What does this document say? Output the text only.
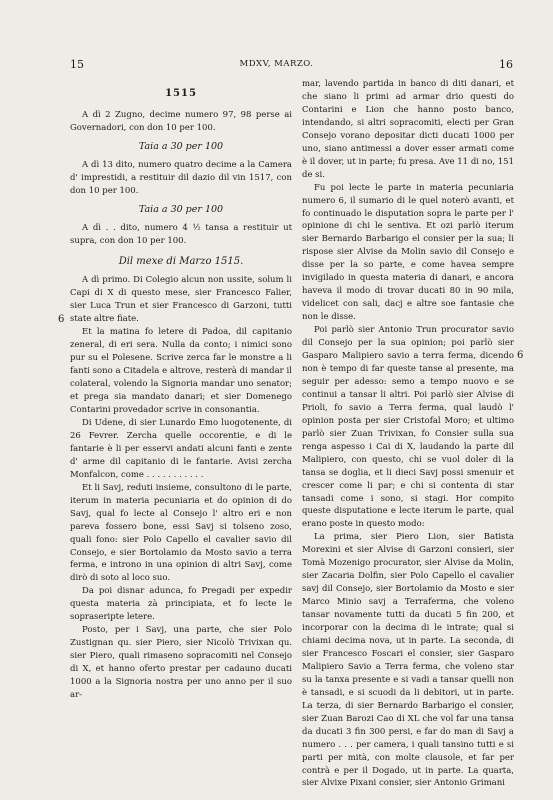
15	MDXV, MARZO.	16
6
6

1515

A dì 2 Zugno, decime numero 97, 98 perse ai Governadori, con don 10 per 100.

Taia a 30 per 100

A dì 13 dito, numero quatro decime a la Camera d' imprestidi, a restituir dil dazio dil vin 1517, con don 10 per 100.

Taia a 30 per 100

A dì . . dito, numero 4 ½ tansa a restituir ut supra, con don 10 per 100.

Dil mexe di Marzo 1515.

A dì primo. Di Colegio alcun non ussite, solum li Capi di X di questo mese, sier Francesco Falier, sier Luca Trun et sier Francesco di Garzoni, tutti state altre fiate.

Et la matina fo letere di Padoa, dil capitanio zeneral, di eri sera. Nulla da conto; i nimici sono pur su el Polesene. Scrive zerca far le monstre a li fanti sono a Citadela e altrove, resterà di mandar il colateral, volendo la Signoria mandar uno senator; et prega sia mandato danari; et sier Domenego Contarini provedador scrive in consonantia.

Di Udene, di sier Lunardo Emo luogotenente, di 26 Fevrer. Zercha quelle occorentie, e di le fantarie è li per esservi andati alcuni fanti e zente d' arme dil capitanio di le fantarie. Avisi zercha Monfalcon, come . . . . . . . . . . .

Et li Savj, reduti insieme, consultono di le parte, iterum in materia pecuniaria et do opinion di do Savj, qual fo lecte al Consejo l' altro eri e non pareva fossero bone, essi Savj si tolseno zoso, quali fono: sier Polo Capello el cavalier savio dil Consejo, e sier Bortolamio da Mosto savio a terra ferma, e introno in una opinion di altri Savj, come dirò di soto al loco suo.

Da poi disnar adunca, fo Pregadi per expedir questa materia zà principiata, et fo lecte le sopraseripte letere.

Posto, per i Savj, una parte, che sier Polo Zustignan qu. sier Piero, sier Nicolò Trivixan qu. sier Piero, quali rimaseno sopracomiti nel Consejo di X, et hanno oferto prestar per cadauno ducati 1000 a la Signoria nostra per uno anno per il suo ar-

mar, lavendo partida in banco di diti danari, et che siano li primi ad armar drio questi do Contarini e Lion che hanno posto banco, intendando, si altri sopracomiti, electi per Gran Consejo vorano depositar dicti ducati 1000 per uno, siano antimessi a dover esser armati come è il dover, ut in parte; fu presa. Ave 11 di no, 151 de si.

Fu poi lecte le parte in materia pecuniaria numero 6, il sumario di le quel noterò avanti, et fo continuado le disputation sopra le parte per l' opinione di chi le sentiva. Et ozi parlò iterum sier Bernardo Barbarigo el consier per la sua; li rispose sier Alvise da Molin savio dil Consejo e disse per la so parte, e come havea sempre invigilado in questa materia di danari, e ancora haveva il modo di trovar ducati 80 in 90 mila, videlicet con sali, dacj e altre soe fantasie che non le disse.

Poi parlò sier Antonio Trun procurator savio dil Consejo per la sua opinion; poi parlò sier Gasparo Malipiero savio a terra ferma, dicendo non è tempo di far queste tanse al presente, ma seguir per adesso: semo a tempo nuovo e se continui a tansar li altri. Poi parlò sier Alvise di Prioli, fo savio a Terra ferma, qual laudò l' opinion posta per sier Cristofal Moro; et ultimo parlò sier Zuan Trivixan, fo Consier sulla sua renga aspesso i Cai di X, laudando la parte dil Malipiero, con questo, chi se vuol doler di la tansa se doglia, et li dieci Savj possi smenuir et crescer come li par; e chi si contenta di star tansadi come i sono, si stagi. Hor compito queste disputatione e lecte iterum le parte, qual erano poste in questo modo:

La prima, sier Piero Lion, sier Batista Morexini et sier Alvise di Garzoni consieri, sier Tomà Mozenigo procurator, sier Alvise da Molin, sier Zacaria Dolfin, sier Polo Capello el cavalier savj dil Consejo, sier Bortolamio da Mosto e sier Marco Minio savj a Terraferma, che voleno tansar novamente tutti da ducati 5 fin 200, et incorporar con la decima di le intrate; qual si chiami decima nova, ut in parte. La seconda, di sier Francesco Foscari el consier, sier Gasparo Malipiero Savio a Terra ferma, che voleno star su la tanxa presente e si vadi a tansar quelli non è tansadi, e si scuodi da li debitori, ut in parte. La terza, di sier Bernardo Barbarigo el consier, sier Zuan Barozi Cao di XL che vol far una tansa da ducati 3 fin 300 persi, e far do man di Savj a numero . . . per camera, i quali tansino tutti e si parti per mità, con molte clausole, et far per contrà e per il Dogado, ut in parte. La quarta, sier Alvixe Pixani consier, sier Antonio Grimani
